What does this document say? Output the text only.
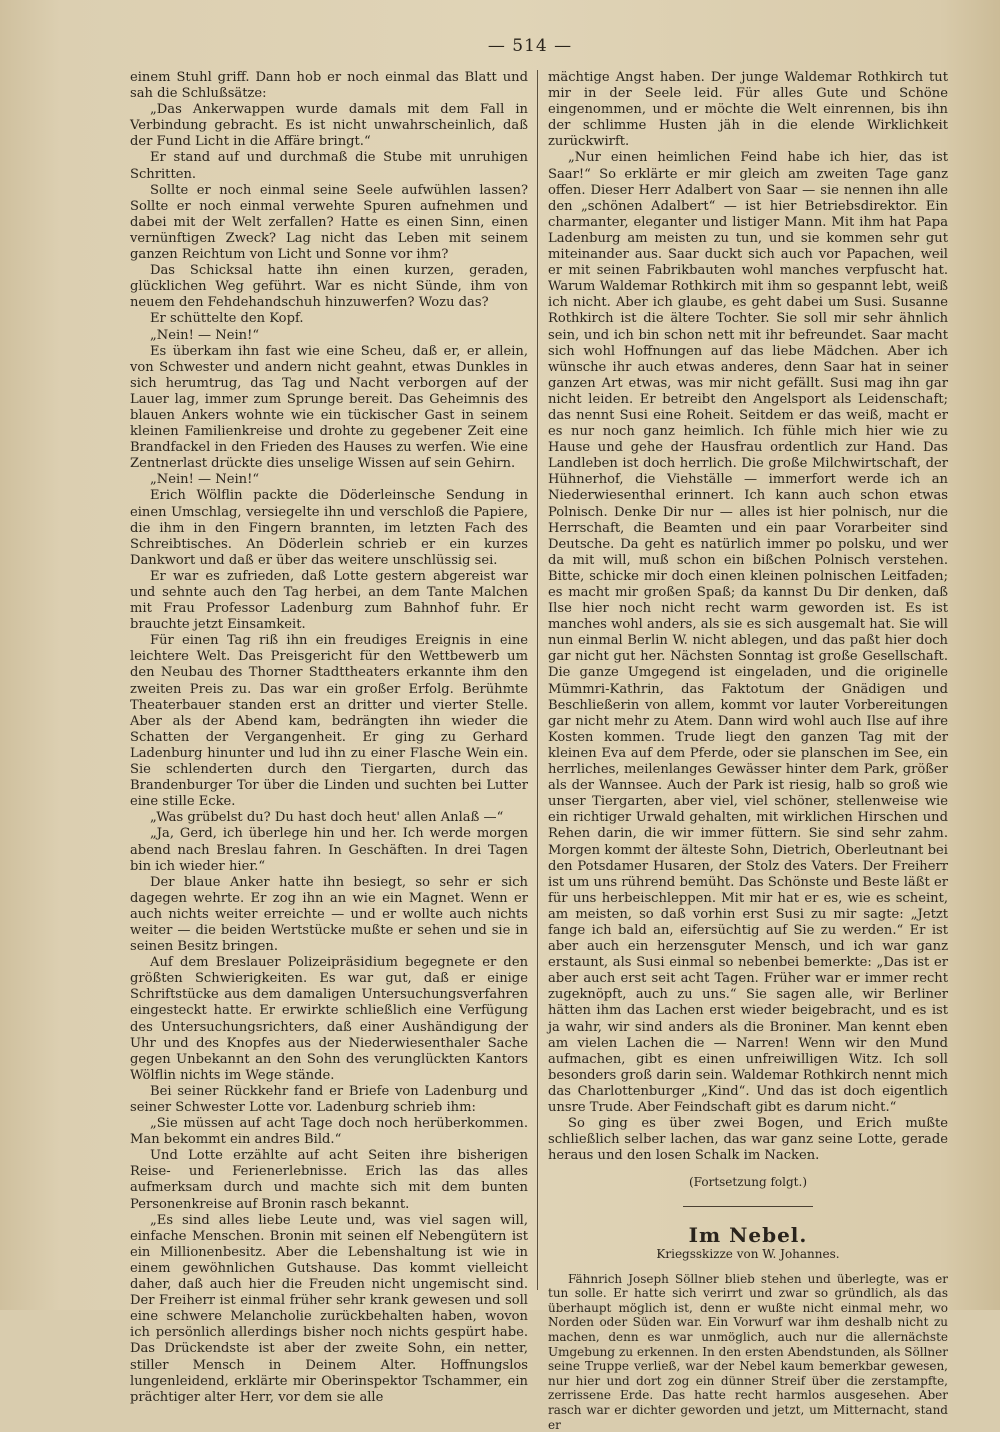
— 514 —

einem Stuhl griff. Dann hob er noch einmal das Blatt und sah die Schlußsätze:

„Das Ankerwappen wurde damals mit dem Fall in Verbindung gebracht. Es ist nicht unwahrscheinlich, daß der Fund Licht in die Affäre bringt.“

Er stand auf und durchmaß die Stube mit unruhigen Schritten.

Sollte er noch einmal seine Seele aufwühlen lassen? Sollte er noch einmal verwehte Spuren aufnehmen und dabei mit der Welt zerfallen? Hatte es einen Sinn, einen vernünftigen Zweck? Lag nicht das Leben mit seinem ganzen Reichtum von Licht und Sonne vor ihm?

Das Schicksal hatte ihn einen kurzen, geraden, glücklichen Weg geführt. War es nicht Sünde, ihm von neuem den Fehdehandschuh hinzuwerfen? Wozu das?

Er schüttelte den Kopf.

„Nein! — Nein!“

Es überkam ihn fast wie eine Scheu, daß er, er allein, von Schwester und andern nicht geahnt, etwas Dunkles in sich herumtrug, das Tag und Nacht verborgen auf der Lauer lag, immer zum Sprunge bereit. Das Geheimnis des blauen Ankers wohnte wie ein tückischer Gast in seinem kleinen Familienkreise und drohte zu gegebener Zeit eine Brandfackel in den Frieden des Hauses zu werfen. Wie eine Zentnerlast drückte dies unselige Wissen auf sein Gehirn.

„Nein! — Nein!“

Erich Wölflin packte die Döderleinsche Sendung in einen Umschlag, versiegelte ihn und verschloß die Papiere, die ihm in den Fingern brannten, im letzten Fach des Schreibtisches. An Döderlein schrieb er ein kurzes Dankwort und daß er über das weitere unschlüssig sei.

Er war es zufrieden, daß Lotte gestern abgereist war und sehnte auch den Tag herbei, an dem Tante Malchen mit Frau Professor Ladenburg zum Bahnhof fuhr. Er brauchte jetzt Einsamkeit.

Für einen Tag riß ihn ein freudiges Ereignis in eine leichtere Welt. Das Preisgericht für den Wettbewerb um den Neubau des Thorner Stadttheaters erkannte ihm den zweiten Preis zu. Das war ein großer Erfolg. Berühmte Theaterbauer standen erst an dritter und vierter Stelle. Aber als der Abend kam, bedrängten ihn wieder die Schatten der Vergangenheit. Er ging zu Gerhard Ladenburg hinunter und lud ihn zu einer Flasche Wein ein. Sie schlenderten durch den Tiergarten, durch das Brandenburger Tor über die Linden und suchten bei Lutter eine stille Ecke.

„Was grübelst du? Du hast doch heut' allen Anlaß —“

„Ja, Gerd, ich überlege hin und her. Ich werde morgen abend nach Breslau fahren. In Geschäften. In drei Tagen bin ich wieder hier.“

Der blaue Anker hatte ihn besiegt, so sehr er sich dagegen wehrte. Er zog ihn an wie ein Magnet. Wenn er auch nichts weiter erreichte — und er wollte auch nichts weiter — die beiden Wertstücke mußte er sehen und sie in seinen Besitz bringen.

Auf dem Breslauer Polizeipräsidium begegnete er den größten Schwierigkeiten. Es war gut, daß er einige Schriftstücke aus dem damaligen Untersuchungsverfahren eingesteckt hatte. Er erwirkte schließlich eine Verfügung des Untersuchungsrichters, daß einer Aushändigung der Uhr und des Knopfes aus der Niederwiesenthaler Sache gegen Unbekannt an den Sohn des verunglückten Kantors Wölflin nichts im Wege stände.

Bei seiner Rückkehr fand er Briefe von Ladenburg und seiner Schwester Lotte vor. Ladenburg schrieb ihm:

„Sie müssen auf acht Tage doch noch herüberkommen. Man bekommt ein andres Bild.“

Und Lotte erzählte auf acht Seiten ihre bisherigen Reise- und Ferienerlebnisse. Erich las das alles aufmerksam durch und machte sich mit dem bunten Personenkreise auf Bronin rasch bekannt.

„Es sind alles liebe Leute und, was viel sagen will, einfache Menschen. Bronin mit seinen elf Nebengütern ist ein Millionenbesitz. Aber die Lebenshaltung ist wie in einem gewöhnlichen Gutshause. Das kommt vielleicht daher, daß auch hier die Freuden nicht ungemischt sind. Der Freiherr ist einmal früher sehr krank gewesen und soll eine schwere Melancholie zurückbehalten haben, wovon ich persönlich allerdings bisher noch nichts gespürt habe. Das Drückendste ist aber der zweite Sohn, ein netter, stiller Mensch in Deinem Alter. Hoffnungslos lungenleidend, erklärte mir Oberinspektor Tschammer, ein prächtiger alter Herr, vor dem sie alle

mächtige Angst haben. Der junge Waldemar Rothkirch tut mir in der Seele leid. Für alles Gute und Schöne eingenommen, und er möchte die Welt einrennen, bis ihn der schlimme Husten jäh in die elende Wirklichkeit zurückwirft.

„Nur einen heimlichen Feind habe ich hier, das ist Saar!“ So erklärte er mir gleich am zweiten Tage ganz offen. Dieser Herr Adalbert von Saar — sie nennen ihn alle den „schönen Adalbert“ — ist hier Betriebsdirektor. Ein charmanter, eleganter und listiger Mann. Mit ihm hat Papa Ladenburg am meisten zu tun, und sie kommen sehr gut miteinander aus. Saar duckt sich auch vor Papachen, weil er mit seinen Fabrikbauten wohl manches verpfuscht hat. Warum Waldemar Rothkirch mit ihm so gespannt lebt, weiß ich nicht. Aber ich glaube, es geht dabei um Susi. Susanne Rothkirch ist die ältere Tochter. Sie soll mir sehr ähnlich sein, und ich bin schon nett mit ihr befreundet. Saar macht sich wohl Hoffnungen auf das liebe Mädchen. Aber ich wünsche ihr auch etwas anderes, denn Saar hat in seiner ganzen Art etwas, was mir nicht gefällt. Susi mag ihn gar nicht leiden. Er betreibt den Angelsport als Leidenschaft; das nennt Susi eine Roheit. Seitdem er das weiß, macht er es nur noch ganz heimlich. Ich fühle mich hier wie zu Hause und gehe der Hausfrau ordentlich zur Hand. Das Landleben ist doch herrlich. Die große Milchwirtschaft, der Hühnerhof, die Viehställe — immerfort werde ich an Niederwiesenthal erinnert. Ich kann auch schon etwas Polnisch. Denke Dir nur — alles ist hier polnisch, nur die Herrschaft, die Beamten und ein paar Vorarbeiter sind Deutsche. Da geht es natürlich immer po polsku, und wer da mit will, muß schon ein bißchen Polnisch verstehen. Bitte, schicke mir doch einen kleinen polnischen Leitfaden; es macht mir großen Spaß; da kannst Du Dir denken, daß Ilse hier noch nicht recht warm geworden ist. Es ist manches wohl anders, als sie es sich ausgemalt hat. Sie will nun einmal Berlin W. nicht ablegen, und das paßt hier doch gar nicht gut her. Nächsten Sonntag ist große Gesellschaft. Die ganze Umgegend ist eingeladen, und die originelle Mümmri-Kathrin, das Faktotum der Gnädigen und Beschließerin von allem, kommt vor lauter Vorbereitungen gar nicht mehr zu Atem. Dann wird wohl auch Ilse auf ihre Kosten kommen. Trude liegt den ganzen Tag mit der kleinen Eva auf dem Pferde, oder sie planschen im See, ein herrliches, meilenlanges Gewässer hinter dem Park, größer als der Wannsee. Auch der Park ist riesig, halb so groß wie unser Tiergarten, aber viel, viel schöner, stellenweise wie ein richtiger Urwald gehalten, mit wirklichen Hirschen und Rehen darin, die wir immer füttern. Sie sind sehr zahm. Morgen kommt der älteste Sohn, Dietrich, Oberleutnant bei den Potsdamer Husaren, der Stolz des Vaters. Der Freiherr ist um uns rührend bemüht. Das Schönste und Beste läßt er für uns herbeischleppen. Mit mir hat er es, wie es scheint, am meisten, so daß vorhin erst Susi zu mir sagte: „Jetzt fange ich bald an, eifersüchtig auf Sie zu werden.“ Er ist aber auch ein herzensguter Mensch, und ich war ganz erstaunt, als Susi einmal so nebenbei bemerkte: „Das ist er aber auch erst seit acht Tagen. Früher war er immer recht zugeknöpft, auch zu uns.“ Sie sagen alle, wir Berliner hätten ihm das Lachen erst wieder beigebracht, und es ist ja wahr, wir sind anders als die Broniner. Man kennt eben am vielen Lachen die — Narren! Wenn wir den Mund aufmachen, gibt es einen unfreiwilligen Witz. Ich soll besonders groß darin sein. Waldemar Rothkirch nennt mich das Charlottenburger „Kind“. Und das ist doch eigentlich unsre Trude. Aber Feindschaft gibt es darum nicht.“

So ging es über zwei Bogen, und Erich mußte schließlich selber lachen, das war ganz seine Lotte, gerade heraus und den losen Schalk im Nacken.

(Fortsetzung folgt.)

Im Nebel.
Kriegsskizze von W. Johannes.

Fähnrich Joseph Söllner blieb stehen und überlegte, was er tun solle. Er hatte sich verirrt und zwar so gründlich, als das überhaupt möglich ist, denn er wußte nicht einmal mehr, wo Norden oder Süden war. Ein Vorwurf war ihm deshalb nicht zu machen, denn es war unmöglich, auch nur die allernächste Umgebung zu erkennen. In den ersten Abendstunden, als Söllner seine Truppe verließ, war der Nebel kaum bemerkbar gewesen, nur hier und dort zog ein dünner Streif über die zerstampfte, zerrissene Erde. Das hatte recht harmlos ausgesehen. Aber rasch war er dichter geworden und jetzt, um Mitternacht, stand er
